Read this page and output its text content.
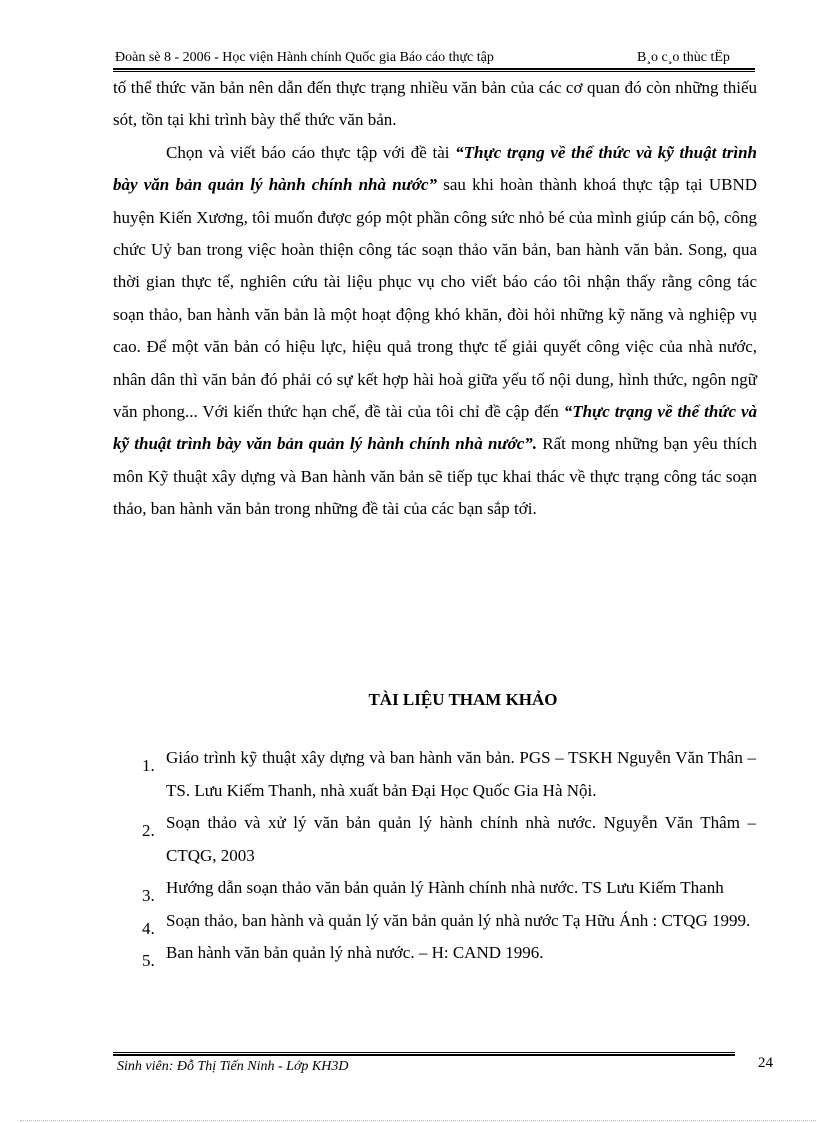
Đoàn sè 8 - 2006 - Học viện Hành chính Quốc gia Báo cáo thực tập	B¸o c¸o thùc tËp

tố thể thức văn bản nên dẫn đến thực trạng nhiều văn bản của các cơ quan đó còn những thiếu sót, tồn tại khi trình bày thể thức văn bản.

Chọn và viết báo cáo thực tập với đề tài “Thực trạng về thể thức và kỹ thuật trình bày văn bản quản lý hành chính nhà nước” sau khi hoàn thành khoá thực tập tại UBND huyện Kiến Xương, tôi muốn được góp một phần công sức nhỏ bé của mình giúp cán bộ, công chức Uỷ ban trong việc hoàn thiện công tác soạn thảo văn bản, ban hành văn bản. Song, qua thời gian thực tế, nghiên cứu tài liệu phục vụ cho viết báo cáo tôi nhận thấy rằng công tác soạn thảo, ban hành văn bản là một hoạt động khó khăn, đòi hỏi những kỹ năng và nghiệp vụ cao. Để một văn bản có hiệu lực, hiệu quả trong thực tế giải quyết công việc của nhà nước, nhân dân thì văn bản đó phải có sự kết hợp hài hoà giữa yếu tố nội dung, hình thức, ngôn ngữ văn phong... Với kiến thức hạn chế, đề tài của tôi chỉ đề cập đến “Thực trạng về thể thức và kỹ thuật trình bày văn bản quản lý hành chính nhà nước”. Rất mong những bạn yêu thích môn Kỹ thuật xây dựng và Ban hành văn bản sẽ tiếp tục khai thác về thực trạng công tác soạn thảo, ban hành văn bản trong những đề tài của các bạn sắp tới.

TÀI LIỆU THAM KHẢO
1. Giáo trình kỹ thuật xây dựng và ban hành văn bản. PGS – TSKH Nguyễn Văn Thân – TS. Lưu Kiếm Thanh, nhà xuất bản Đại Học Quốc Gia Hà Nội.
2. Soạn thảo và xử lý văn bản quản lý hành chính nhà nước. Nguyễn Văn Thâm – CTQG, 2003
3. Hướng dẫn soạn thảo văn bản quản lý Hành chính nhà nước. TS Lưu Kiếm Thanh
4. Soạn thảo, ban hành và quản lý văn bản quản lý nhà nước Tạ Hữu Ánh : CTQG 1999.
5. Ban hành văn bản quản lý nhà nước. – H: CAND 1996.
Sinh viên: Đỗ Thị Tiến Ninh - Lớp KH3D	24
